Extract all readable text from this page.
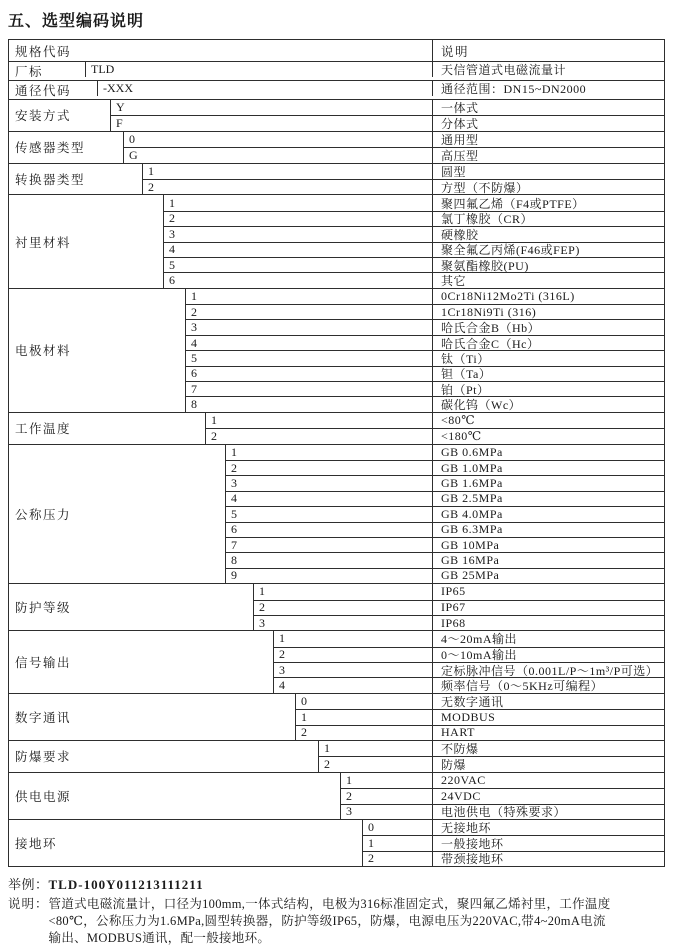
五、选型编码说明
规格代码	说明
厂标	TLD	天信管道式电磁流量计
通径代码	-XXX	通径范围：DN15~DN2000
安装方式
Y	一体式
F	分体式
传感器类型
0	通用型
G	高压型
转换器类型
1	圆型
2	方型（不防爆）
衬里材料
1	聚四氟乙烯（F4或PTFE）
2	氯丁橡胶（CR）
3	硬橡胶
4	聚全氟乙丙烯(F46或FEP)
5	聚氨酯橡胶(PU)
6	其它
电极材料
1	0Cr18Ni12Mo2Ti (316L)
2	1Cr18Ni9Ti (316)
3	哈氏合金B（Hb）
4	哈氏合金C（Hc）
5	钛（Ti）
6	钽（Ta）
7	铂（Pt）
8	碳化钨（Wc）
工作温度
1	<80℃
2	<180℃
公称压力
1	GB 0.6MPa
2	GB 1.0MPa
3	GB 1.6MPa
4	GB 2.5MPa
5	GB 4.0MPa
6	GB 6.3MPa
7	GB 10MPa
8	GB 16MPa
9	GB 25MPa
防护等级
1	IP65
2	IP67
3	IP68
信号输出
1	4～20mA输出
2	0～10mA输出
3	定标脉冲信号（0.001L/P～1m³/P可选）
4	频率信号（0～5KHz可编程）
数字通讯
0	无数字通讯
1	MODBUS
2	HART
防爆要求
1	不防爆
2	防爆
供电电源
1	220VAC
2	24VDC
3	电池供电（特殊要求）
接地环
0	无接地环
1	一般接地环
2	带颈接地环
举例：TLD-100Y011213111211
说明： 管道式电磁流量计，口径为100mm,一体式结构，电极为316标准固定式，聚四氟乙烯衬里，工作温度
<80℃，公称压力为1.6MPa,圆型转换器，防护等级IP65，防爆，电源电压为220VAC,带4~20mA电流
输出、MODBUS通讯，配一般接地环。
